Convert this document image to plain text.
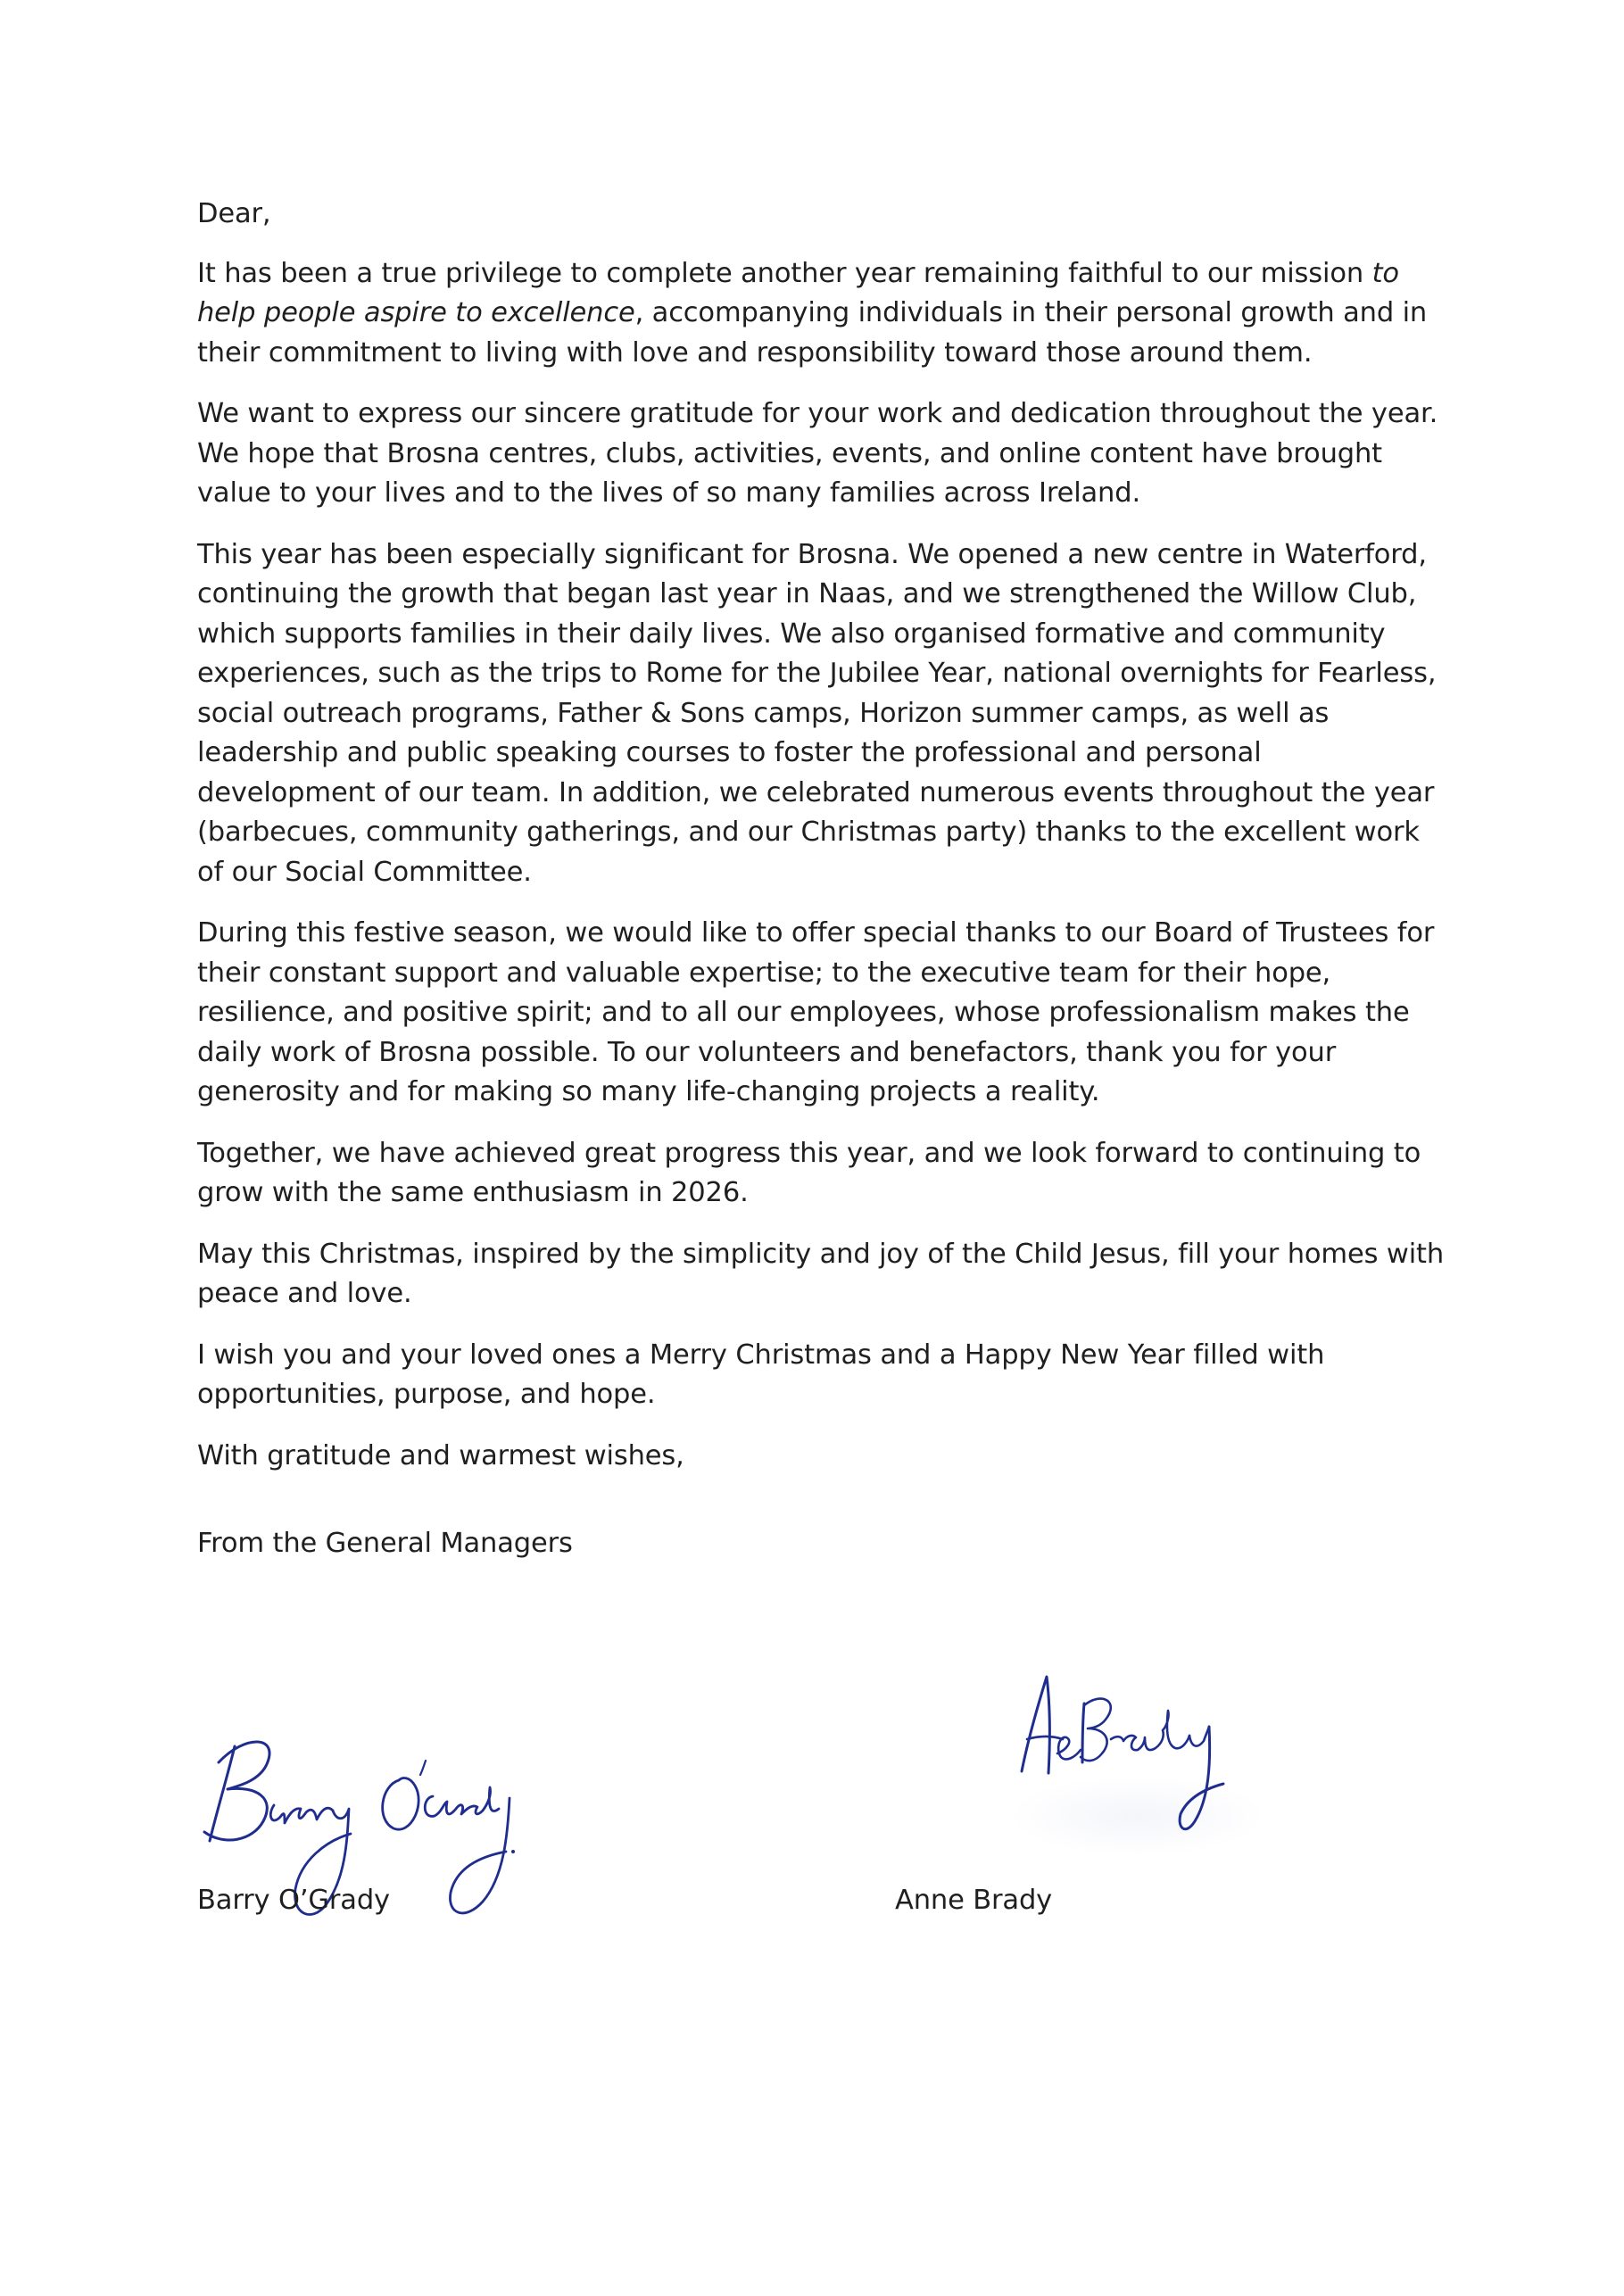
Dear,

It has been a true privilege to complete another year remaining faithful to our mission to help people aspire to excellence, accompanying individuals in their personal growth and in their commitment to living with love and responsibility toward those around them.

We want to express our sincere gratitude for your work and dedication throughout the year. We hope that Brosna centres, clubs, activities, events, and online content have brought value to your lives and to the lives of so many families across Ireland.

This year has been especially significant for Brosna. We opened a new centre in Waterford, continuing the growth that began last year in Naas, and we strengthened the Willow Club, which supports families in their daily lives. We also organised formative and community experiences, such as the trips to Rome for the Jubilee Year, national overnights for Fearless, social outreach programs, Father & Sons camps, Horizon summer camps, as well as leadership and public speaking courses to foster the professional and personal development of our team. In addition, we celebrated numerous events throughout the year (barbecues, community gatherings, and our Christmas party) thanks to the excellent work of our Social Committee.

During this festive season, we would like to offer special thanks to our Board of Trustees for their constant support and valuable expertise; to the executive team for their hope, resilience, and positive spirit; and to all our employees, whose professionalism makes the daily work of Brosna possible. To our volunteers and benefactors, thank you for your generosity and for making so many life-changing projects a reality.

Together, we have achieved great progress this year, and we look forward to continuing to grow with the same enthusiasm in 2026.

May this Christmas, inspired by the simplicity and joy of the Child Jesus, fill your homes with peace and love.

I wish you and your loved ones a Merry Christmas and a Happy New Year filled with opportunities, purpose, and hope.

With gratitude and warmest wishes,

From the General Managers
Barry O’Grady	Anne Brady
